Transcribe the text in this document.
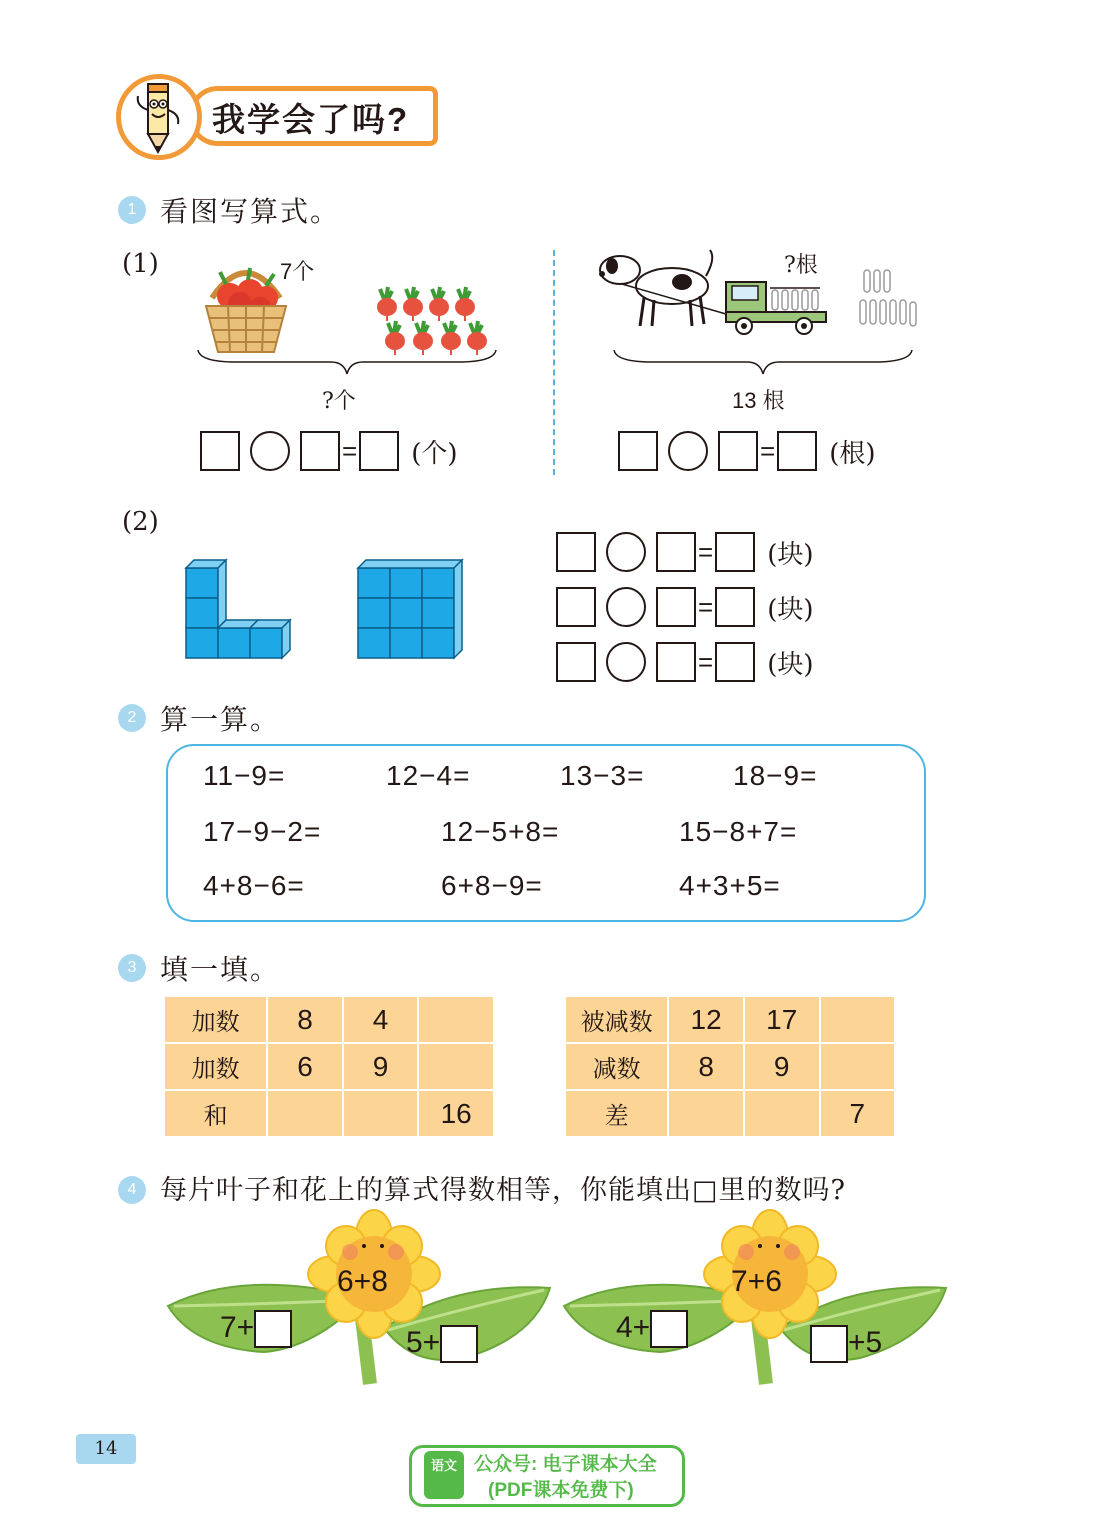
我学会了吗?
1 看图写算式。
(1)	7个
?个
= (个)
?根
13 根
= (根)
(2)
= (块)
= (块)
= (块)
2 算一算。
11−9=	12−4=	13−3=	18−9=
17−9−2=	12−5+8=	15−8+7=
4+8−6=	6+8−9=	4+3+5=
3 填一填。
加数	8	4	
加数	6	9	
和			16
被减数	12	17	
减数	8	9	
差			7
4 每片叶子和花上的算式得数相等，你能填出□里的数吗?
6+8
7+	5+
7+6
4+	+5
14
语文 公众号: 电子课本大全
(PDF课本免费下)
